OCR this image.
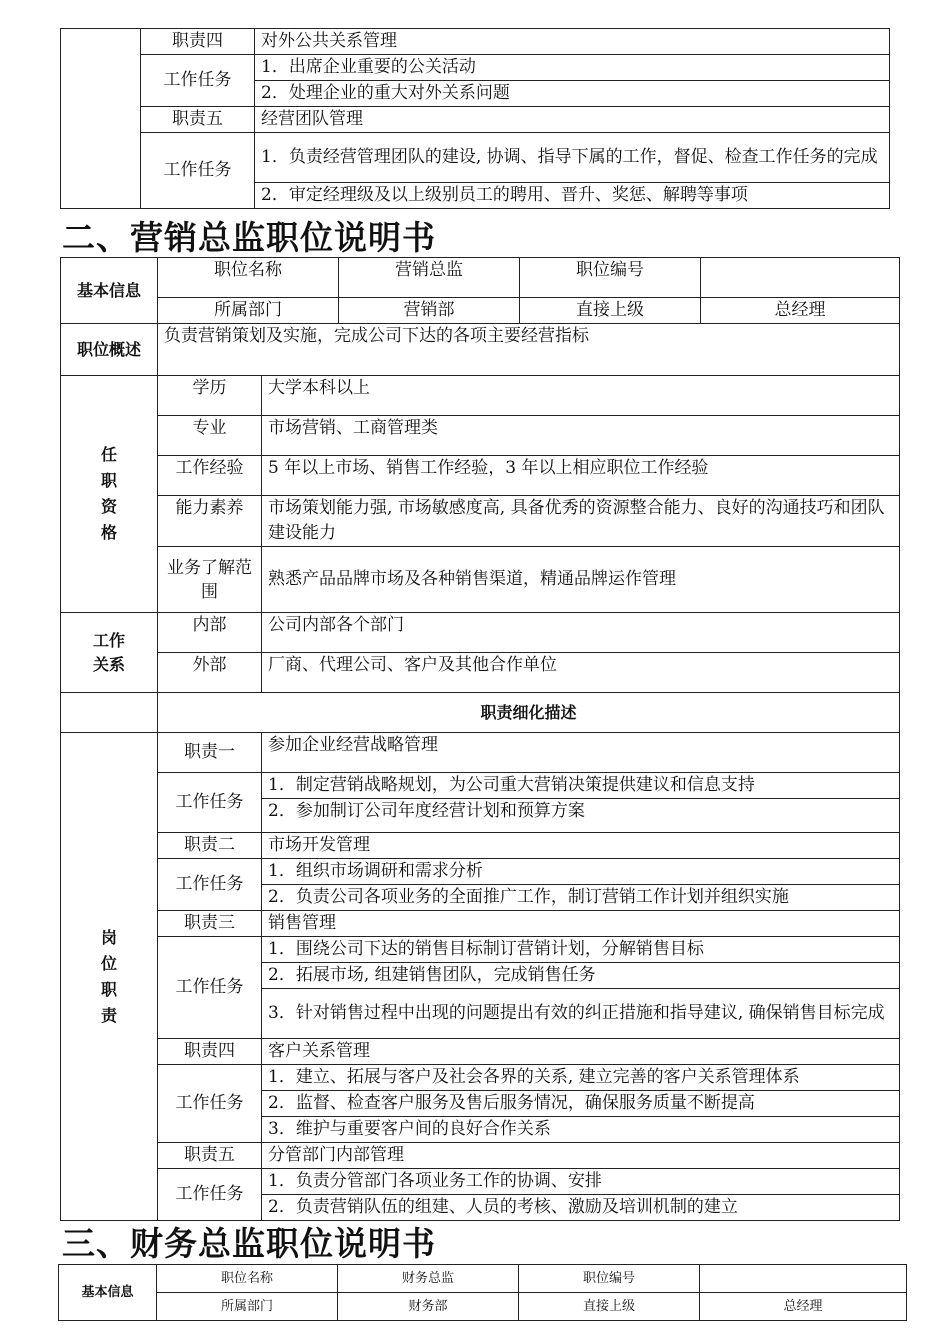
	职责四	对外公共关系管理
	工作任务	1．出席企业重要的公关活动
		2．处理企业的重大对外关系问题
	职责五	经营团队管理
	工作任务	1．负责经营管理团队的建设, 协调、指导下属的工作，督促、检查工作任务的完成
		2．审定经理级及以上级别员工的聘用、晋升、奖惩、解聘等事项
二、营销总监职位说明书
基本信息	职位名称		营销总监	职位编号	
	所属部门		营销部	直接上级	总经理
职位概述	负责营销策划及实施，完成公司下达的各项主要经营指标				

任职资格	学历	大学本科以上			
	专业	市场营销、工商管理类			
	工作经验	5 年以上市场、销售工作经验，3 年以上相应职位工作经验			
	能力素养	市场策划能力强, 市场敏感度高, 具备优秀的资源整合能力、良好的沟通技巧和团队建设能力			
	业务了解范围	熟悉产品品牌市场及各种销售渠道，精通品牌运作管理			

工作关系	内部	公司内部各个部门			
	外部	厂商、代理公司、客户及其他合作单位			
	职责细化描述				

岗位职责	职责一	参加企业经营战略管理			
	工作任务	1．制定营销战略规划，为公司重大营销决策提供建议和信息支持			
		2．参加制订公司年度经营计划和预算方案			
	职责二	市场开发管理			
	工作任务	1．组织市场调研和需求分析			
		2．负责公司各项业务的全面推广工作，制订营销工作计划并组织实施			
	职责三	销售管理			
	工作任务	1．围绕公司下达的销售目标制订营销计划，分解销售目标			
		2．拓展市场, 组建销售团队，完成销售任务			

		3．针对销售过程中出现的问题提出有效的纠正措施和指导建议, 确保销售目标完成			

	职责四	客户关系管理			
	工作任务	1．建立、拓展与客户及社会各界的关系, 建立完善的客户关系管理体系			
		2．监督、检查客户服务及售后服务情况，确保服务质量不断提高			
		3．维护与重要客户间的良好合作关系			
	职责五	分管部门内部管理			
	工作任务	1．负责分管部门各项业务工作的协调、安排			
		2．负责营销队伍的组建、人员的考核、激励及培训机制的建立			
三、财务总监职位说明书
基本信息	职位名称	财务总监	职位编号	
	所属部门	财务部	直接上级	总经理
